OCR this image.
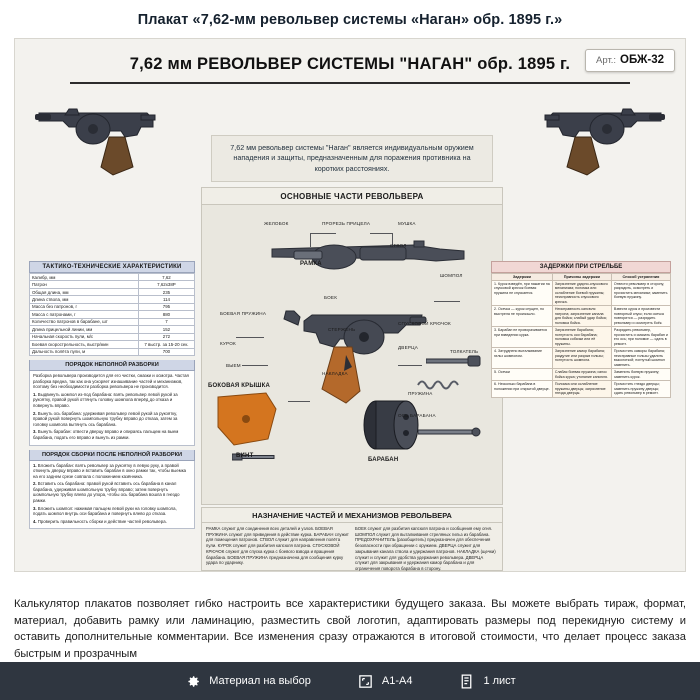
Плакат «7,62-мм револьвер системы «Наган» обр. 1895 г.»
Арт.: ОБЖ-32
7,62 мм РЕВОЛЬВЕР СИСТЕМЫ "НАГАН" обр. 1895 г.
7,62 мм револьвер системы "Наган" является индивидуальным оружием нападения и защиты, предназначенным для поражения противника на коротких расстояниях.
ОСНОВНЫЕ ЧАСТИ РЕВОЛЬВЕРА
ЖЕЛОБОК	ПРОРЕЗЬ ПРИЦЕЛА	МУШКА
СТВОЛ
РАМКА
БОЕК
ШОМПОЛ
БОЕВАЯ ПРУЖИНА
СТЕРЖЕНЬ
СПУСКОВОЙ КРЮЧОК
ДВЕРЦА
КУРОК
ОСЬ БАРАБАНА
НАКЛАДКА
ПРУЖИНА
ТОЛКАТЕЛЬ
БАРАБАН
БОКОВАЯ КРЫШКА
ВИНТ
ВЫЕМ
НАЗНАЧЕНИЕ ЧАСТЕЙ И МЕХАНИЗМОВ РЕВОЛЬВЕРА
РАМКА служит для соединения всех деталей и узлов. БОЕВАЯ ПРУЖИНА служит для приведения в действие курка. БАРАБАН служит для помещения патронов. СТВОЛ служит для направления полёта пули. КУРОК служит для разбития капсюля патрона. СПУСКОВОЙ КРЮЧОК служит для спуска курка с боевого взвода и вращения барабана. БОЕВАЯ ПРУЖИНА предназначена для сообщения курку удара по ударнику.
БОЕК служит для разбития капсюля патрона и сообщения ему огня. ШОМПОЛ служит для выталкивания стреляных гильз из барабана. ПРЕДОХРАНИТЕЛЬ (разобщитель) предназначен для обеспечения безопасности при обращении с оружием. ДВЕРЦА служит для закрывания канала ствола и удержания патронов. НАКЛАДКА (щечки) служит и служит для удобства удержания револьвера. ДВЕРЦА служит для закрывания и удержания камор барабана и для ограничения поворота барабана в сторону.
ТАКТИКО-ТЕХНИЧЕСКИЕ ХАРАКТЕРИСТИКИ
Калибр, мм	7,62
Патрон	7,62х38Р
Общая длина, мм	235
Длина ствола, мм	114
Масса без патронов, г	795
Масса с патронами, г	880
Количество патронов в барабане, шт	7
Длина прицельной линии, мм	152
Начальная скорость пули, м/с	272
Боевая скорострельность, выстр/мин	7 выстр. за 15-20 сек.
Дальность полёта пули, м	700
ПОРЯДОК НЕПОЛНОЙ РАЗБОРКИ

Разборка револьвера производится для его чистки, смазки и осмотра. Частая разборка вредна, так как она ускоряет изнашивание частей и механизмов, поэтому без необходимости разборка револьвера не производится.

1. Выдвинуть шомпол из-под барабана: взять револьвер левой рукой за рукоятку, правой рукой оттянуть головку шомпола вперёд до отказа и повернуть вправо.

2. Вынуть ось барабана: удерживая револьвер левой рукой за рукоятку, правой рукой повернуть шомпольную трубку вправо до отказа, затем за головку шомпола вытянуть ось барабана.

3. Вынуть барабан: отвести дверцу вправо и опираясь пальцем на выем барабана, подать его вправо и вынуть из рамки.

ПОРЯДОК СБОРКИ ПОСЛЕ НЕПОЛНОЙ РАЗБОРКИ

1. Вложить барабан: взять револьвер за рукоятку в левую руку, а правой откинуть дверцу вправо и вставить барабан в окно рамки так, чтобы выемка на его заднем срезе совпала с положением казённика.

2. Вставить ось барабана: правой рукой вставить ось барабана в канал барабана, удерживая шомпольную трубку вправо; затем повернуть шомпольную трубку влево до упора, чтобы ось барабана вошла в гнездо рамки.

3. Вложить шомпол: нажимая пальцем левой руки на головку шомпола, подать шомпол внутрь оси барабана и повернуть влево до отказа.

4. Проверить правильность сборки и действие частей револьвера.

ЗАДЕРЖКИ ПРИ СТРЕЛЬБЕ
Задержки	Причины задержки	Способ устранения
1. Курок взведён, при нажатии на спусковой крючок боевая пружина не спускается.	Загрязнение ударно-спускового механизма; поломка или ослабление боевой пружины; неисправность спускового крючка.	Отвести револьвер в сторону, разрядить, осмотреть и прочистить механизм; заменить боевую пружину.
2. Осечка — курок спущен, но выстрела не произошло.	Неисправность капсюля патрона; загрязнение канала для бойка; слабый удар бойка; поломка бойка.	Взвести курок и произвести повторный спуск; если осечка повторится — разрядить револьвер и осмотреть боёк.
3. Барабан не проворачивается при взведении курка.	Загрязнение барабана; погнутость оси барабана; поломка собачки или её пружины.	Разрядить револьвер, прочистить и смазать барабан и его ось; при поломке — сдать в ремонт.
4. Затруднено выталкивание гильз шомполом.	Загрязнение камор барабана; раздутие или разрыв гильзы; погнутость шомпола.	Прочистить каморы барабана; неисправные гильзы удалить выколоткой; погнутый шомпол заменить.
5. Осечки	Слабая боевая пружина; износ бойка курка; утопание капсюля.	Заменить боевую пружину; заменить курок.
6. Несколько барабана в положении при открытой дверце.	Поломка или ослабление пружины дверцы; загрязнение гнезда дверцы.	Прочистить гнездо дверцы; заменить пружину дверцы; сдать револьвер в ремонт.
Калькулятор плакатов позволяет гибко настроить все характеристики будущего заказа. Вы можете выбрать тираж, формат, материал, добавить рамку или ламинацию, разместить свой логотип, адаптировать размеры под перекидную систему и оставить дополнительные комментарии. Все изменения сразу отражаются в итоговой стоимости, что делает процесс заказа быстрым и прозрачным
Материал на выбор	A1-A4	1 лист
